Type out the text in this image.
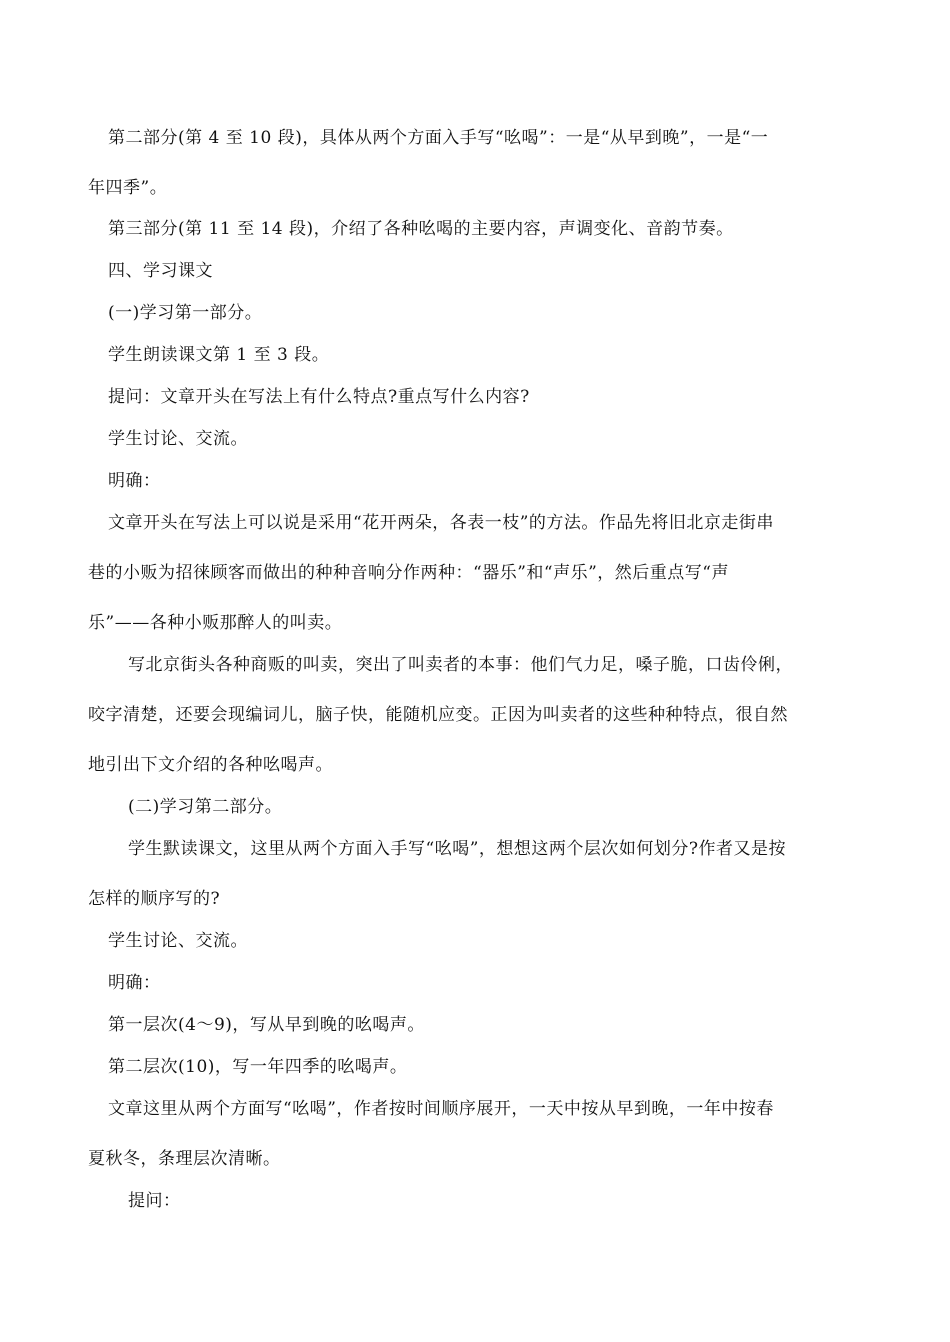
第二部分(第 4 至 10 段)，具体从两个方面入手写“吆喝”：一是“从早到晚”，一是“一
年四季”。
第三部分(第 11 至 14 段)，介绍了各种吆喝的主要内容，声调变化、音韵节奏。
四、学习课文
(一)学习第一部分。
学生朗读课文第 1 至 3 段。
提问：文章开头在写法上有什么特点?重点写什么内容?
学生讨论、交流。
明确：
文章开头在写法上可以说是采用“花开两朵，各表一枝”的方法。作品先将旧北京走街串
巷的小贩为招徕顾客而做出的种种音响分作两种：“器乐”和“声乐”，然后重点写“声
乐”——各种小贩那醉人的叫卖。
写北京街头各种商贩的叫卖，突出了叫卖者的本事：他们气力足，嗓子脆，口齿伶俐，
咬字清楚，还要会现编词儿，脑子快，能随机应变。正因为叫卖者的这些种种特点，很自然
地引出下文介绍的各种吆喝声。
(二)学习第二部分。
学生默读课文，这里从两个方面入手写“吆喝”，想想这两个层次如何划分?作者又是按
怎样的顺序写的?
学生讨论、交流。
明确：
第一层次(4～9)，写从早到晚的吆喝声。
第二层次(10)，写一年四季的吆喝声。
文章这里从两个方面写“吆喝”，作者按时间顺序展开，一天中按从早到晚，一年中按春
夏秋冬，条理层次清晰。
提问：
